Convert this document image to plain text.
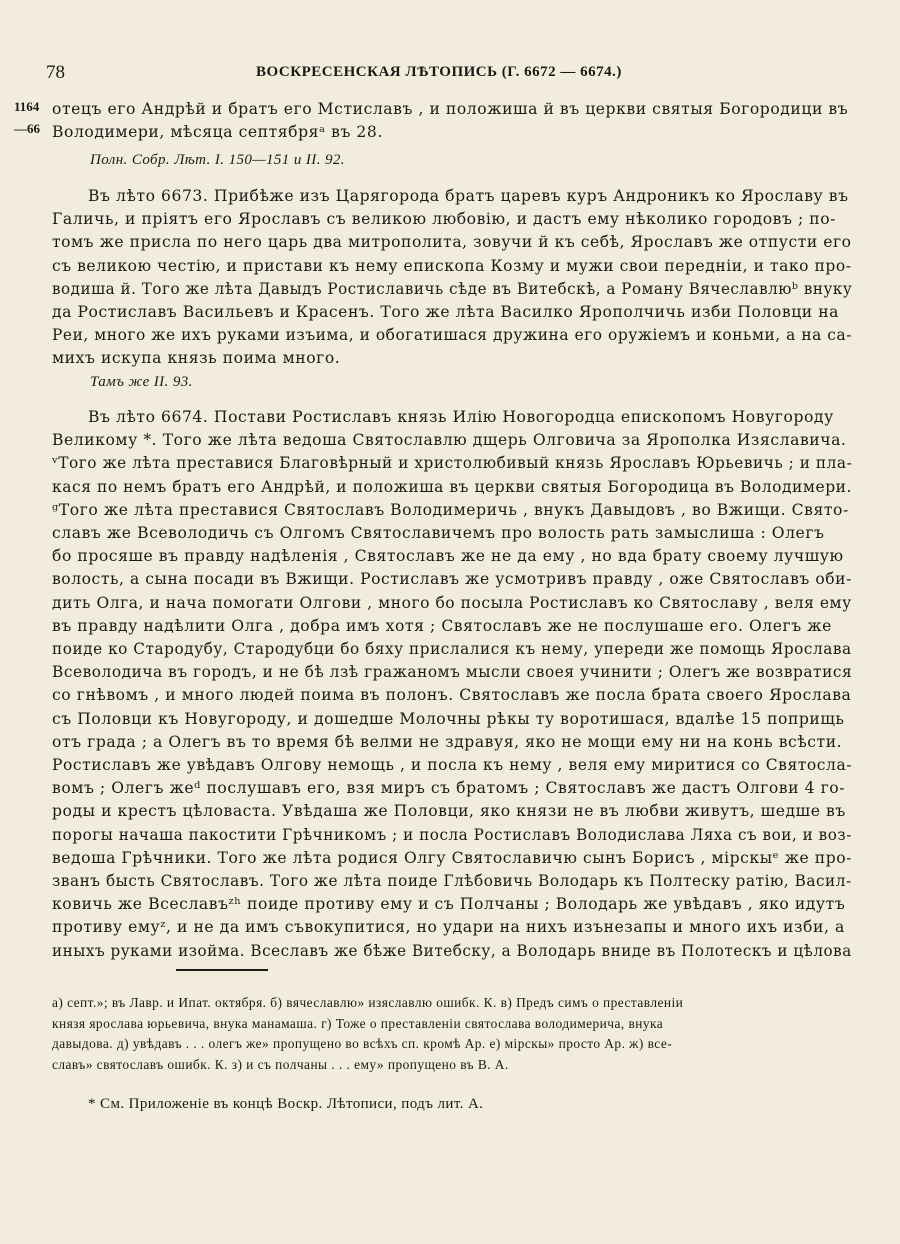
78	ВОСКРЕСЕНСКАЯ ЛѢТОПИСЬ (Г. 6672 — 6674.)
1164
—66
отецъ его Андрѣй и братъ его Мстиславъ , и положиша й въ церкви святыя Богородици въ
Володимери, мѣсяца септябряᵃ въ 28.
Полн. Собр. Лѣт. I. 150—151 и II. 92.
Въ лѣто 6673. Прибѣже изъ Царягорода братъ царевъ куръ Андроникъ ко Ярославу въ
Галичь, и пріятъ его Ярославъ съ великою любовію, и дастъ ему нѣколико городовъ ; по-
томъ же присла по него царь два митрополита, зовучи й къ себѣ, Ярославъ же отпусти его
съ великою честію, и пристави къ нему епископа Козму и мужи свои передніи, и тако про-
водиша й. Того же лѣта Давыдъ Ростиславичь сѣде въ Витебскѣ, а Роману Вячеславлюᵇ внуку
да Ростиславъ Васильевъ и Красенъ. Того же лѣта Василко Ярополчичь изби Половци на
Реи, много же ихъ руками изъима, и обогатишася дружина его оружіемъ и коньми, а на са-
михъ искупа князь поима много.
Тамъ же II. 93.
Въ лѣто 6674. Постави Ростиславъ князь Илію Новогородца епископомъ Новугороду
Великому *. Того же лѣта ведоша Святославлю дщерь Олговича за Ярополка Изяславича.
ᵛТого же лѣта преставися Благовѣрный и христолюбивый князь Ярославъ Юрьевичь ; и пла-
кася по немъ братъ его Андрѣй, и положиша въ церкви святыя Богородица въ Володимери.
ᵍТого же лѣта преставися Святославъ Володимеричь , внукъ Давыдовъ , во Вжищи. Свято-
славъ же Всеволодичь съ Олгомъ Святославичемъ про волость рать замыслиша : Олегъ
бо просяше въ правду надѣленія , Святославъ же не да ему , но вда брату своему лучшую
волость, а сына посади въ Вжищи. Ростиславъ же усмотривъ правду , оже Святославъ оби-
дить Олга, и нача помогати Олгови , много бо посыла Ростиславъ ко Святославу , веля ему
въ правду надѣлити Олга , добра имъ хотя ; Святославъ же не послушаше его. Олегъ же
поиде ко Стародубу, Стародубци бо бяху прислалися къ нему, упереди же помощь Ярослава
Всеволодича въ городъ, и не бѣ лзѣ гражаномъ мысли своея учинити ; Олегъ же возвратися
со гнѣвомъ , и много людей поима въ полонъ. Святославъ же посла брата своего Ярослава
съ Половци къ Новугороду, и дошедше Молочны рѣкы ту воротишася, вдалѣе 15 поприщь
отъ града ; а Олегъ въ то время бѣ велми не здравуя, яко не мощи ему ни на конь всѣсти.
Ростиславъ же увѣдавъ Олгову немощь , и посла къ нему , веля ему миритися со Святосла-
вомъ ; Олегъ жеᵈ послушавъ его, взя миръ съ братомъ ; Святославъ же дастъ Олгови 4 го-
роды и крестъ цѣловаста. Увѣдаша же Половци, яко князи не въ любви живутъ, шедше въ
порогы начаша пакостити Грѣчникомъ ; и посла Ростиславъ Володислава Ляха съ вои, и воз-
ведоша Грѣчники. Того же лѣта родися Олгу Святославичю сынъ Борисъ , мірскыᵉ же про-
званъ бысть Святославъ. Того же лѣта поиде Глѣбовичь Володарь къ Полтеску ратію, Васил-
ковичь же Всеславъᶻʰ поиде противу ему и съ Полчаны ; Володарь же увѣдавъ , яко идутъ
противу емуᶻ, и не да имъ съвокупитися, но удари на нихъ изънезапы и много ихъ изби, а
иныхъ руками изойма. Всеславъ же бѣже Витебску, а Володарь вниде въ Полотескъ и цѣлова
а) септ.»; въ Лавр. и Ипат. октября. б) вячеславлю» изяславлю ошибк. К. в) Предъ симъ о преставленіи
князя ярослава юрьевича, внука манамаша. г) Тоже о преставленіи святослава володимерича, внука
давыдова. д) увѣдавъ . . . олегъ же» пропущено во всѣхъ сп. кромѣ Ар. е) мірскы» просто Ар. ж) все-
славъ» святославъ ошибк. К. з) и съ полчаны . . . ему» пропущено въ В. А.
* См. Приложеніе въ концѣ Воскр. Лѣтописи, подъ лит. А.
